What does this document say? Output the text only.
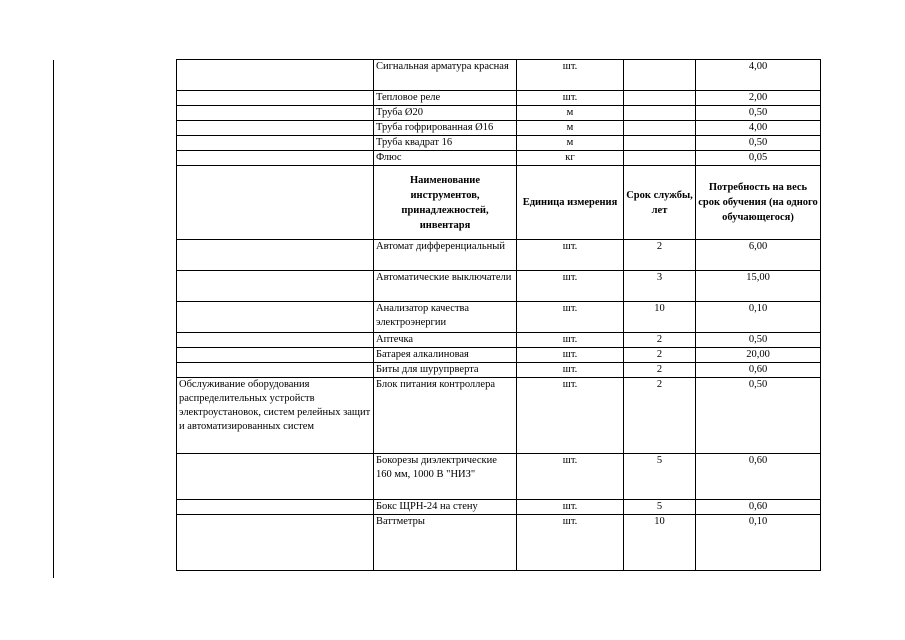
	Сигнальная арматура красная	шт.		4,00
	Тепловое реле	шт.		2,00
	Труба Ø20	м		0,50
	Труба гофрированная Ø16	м		4,00
	Труба квадрат 16	м		0,50
	Флюс	кг		0,05
	Наименование инструментов, принадлежностей, инвентаря	Единица измерения	Срок службы, лет	Потребность на весь срок обучения (на одного обучающегося)
	Автомат дифференциальный	шт.	2	6,00
	Автоматические выключатели	шт.	3	15,00
	Анализатор качества электроэнергии	шт.	10	0,10
	Аптечка	шт.	2	0,50
	Батарея алкалиновая	шт.	2	20,00
	Биты для шурупрверта	шт.	2	0,60
Обслуживание оборудования распределительных устройств электроустановок, систем релейных защит и автоматизированных систем	Блок питания контроллера	шт.	2	0,50
	Бокорезы диэлектрические 160 мм, 1000 В "НИЗ"	шт.	5	0,60
	Бокс ЩРН-24 на стену	шт.	5	0,60
	Ваттметры	шт.	10	0,10
